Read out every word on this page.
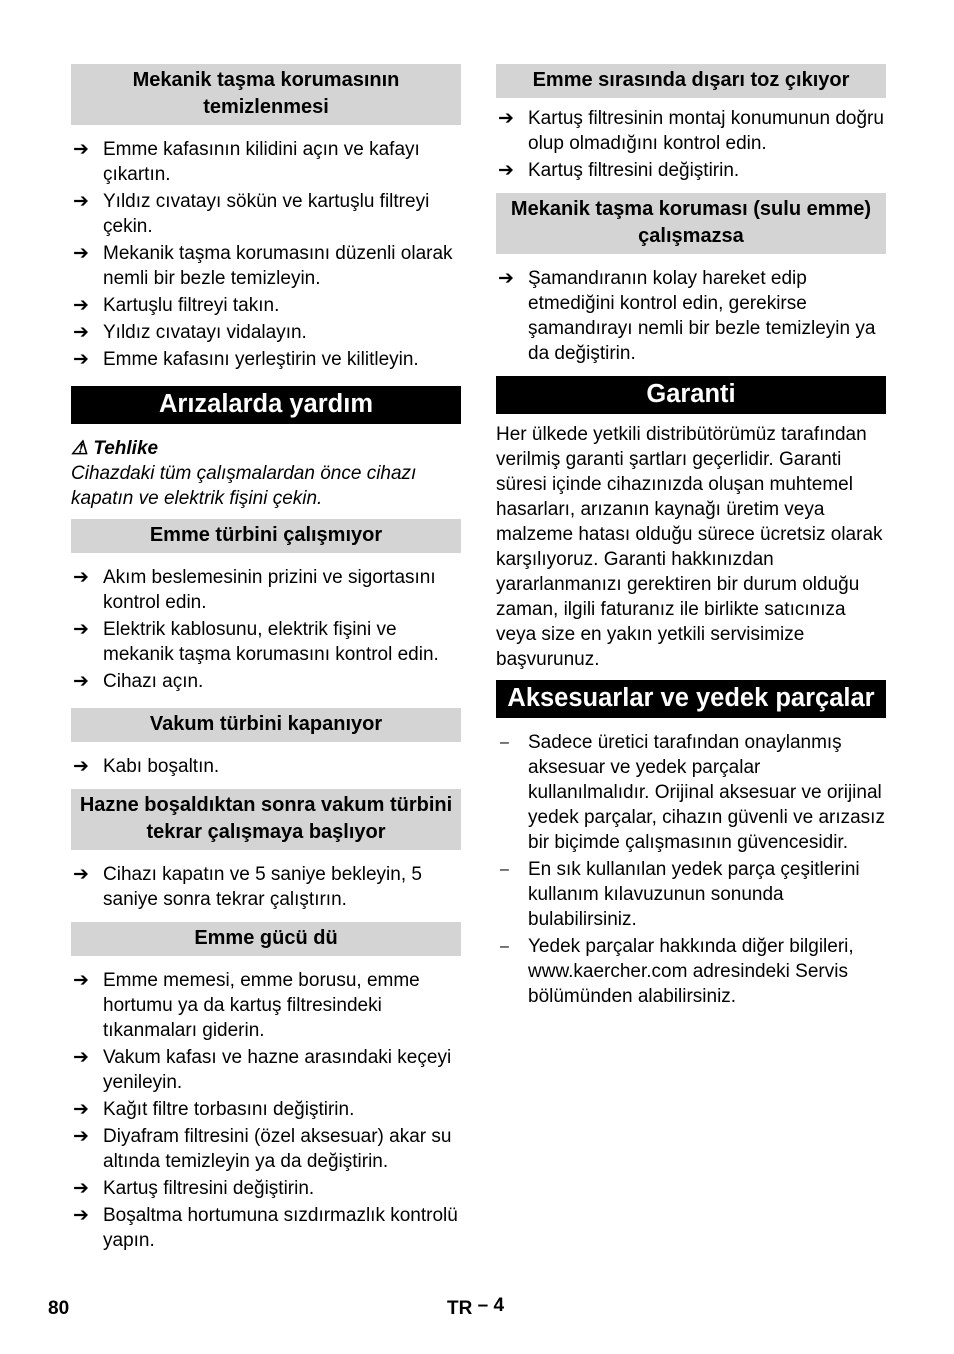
Mekanik taşma korumasının temizlenmesi
➔ Emme kafasının kilidini açın ve kafayı çıkartın.
➔ Yıldız cıvatayı sökün ve kartuşlu filtreyi çekin.
➔ Mekanik taşma korumasını düzenli olarak nemli bir bezle temizleyin.
➔ Kartuşlu filtreyi takın.
➔ Yıldız cıvatayı vidalayın.
➔ Emme kafasını yerleştirin ve kilitleyin.
Arızalarda yardım
⚠ Tehlike
Cihazdaki tüm çalışmalardan önce cihazı kapatın ve elektrik fişini çekin.
Emme türbini çalışmıyor
➔ Akım beslemesinin prizini ve sigortasını kontrol edin.
➔ Elektrik kablosunu, elektrik fişini ve mekanik taşma korumasını kontrol edin.
➔ Cihazı açın.
Vakum türbini kapanıyor
➔ Kabı boşaltın.
Hazne boşaldıktan sonra vakum türbini tekrar çalışmaya başlıyor
➔ Cihazı kapatın ve 5 saniye bekleyin, 5 saniye sonra tekrar çalıştırın.
Emme gücü dü
➔ Emme memesi, emme borusu, emme hortumu ya da kartuş filtresindeki tıkanmaları giderin.
➔ Vakum kafası ve hazne arasındaki keçeyi yenileyin.
➔ Kağıt filtre torbasını değiştirin.
➔ Diyafram filtresini (özel aksesuar) akar su altında temizleyin ya da değiştirin.
➔ Kartuş filtresini değiştirin.
➔ Boşaltma hortumuna sızdırmazlık kontrolü yapın.
Emme sırasında dışarı toz çıkıyor
➔ Kartuş filtresinin montaj konumunun doğru olup olmadığını kontrol edin.
➔ Kartuş filtresini değiştirin.
Mekanik taşma koruması (sulu emme) çalışmazsa
➔ Şamandıranın kolay hareket edip etmediğini kontrol edin, gerekirse şamandırayı nemli bir bezle temizleyin ya da değiştirin.
Garanti

Her ülkede yetkili distribütörümüz tarafından verilmiş garanti şartları geçerlidir. Garanti süresi içinde cihazınızda oluşan muhtemel hasarları, arızanın kaynağı üretim veya malzeme hatası olduğu sürece ücretsiz olarak karşılıyoruz. Garanti hakkınızdan yararlanmanızı gerektiren bir durum olduğu zaman, ilgili faturanız ile birlikte satıcınıza veya size en yakın yetkili servisimize başvurunuz.

Aksesuarlar ve yedek parçalar
– Sadece üretici tarafından onaylanmış aksesuar ve yedek parçalar kullanılmalıdır. Orijinal aksesuar ve orijinal yedek parçalar, cihazın güvenli ve arızasız bir biçimde çalışmasının güvencesidir.
– En sık kullanılan yedek parça çeşitlerini kullanım kılavuzunun sonunda bulabilirsiniz.
– Yedek parçalar hakkında diğer bilgileri, www.kaercher.com adresindeki Servis bölümünden alabilirsiniz.
80	TR – 4
